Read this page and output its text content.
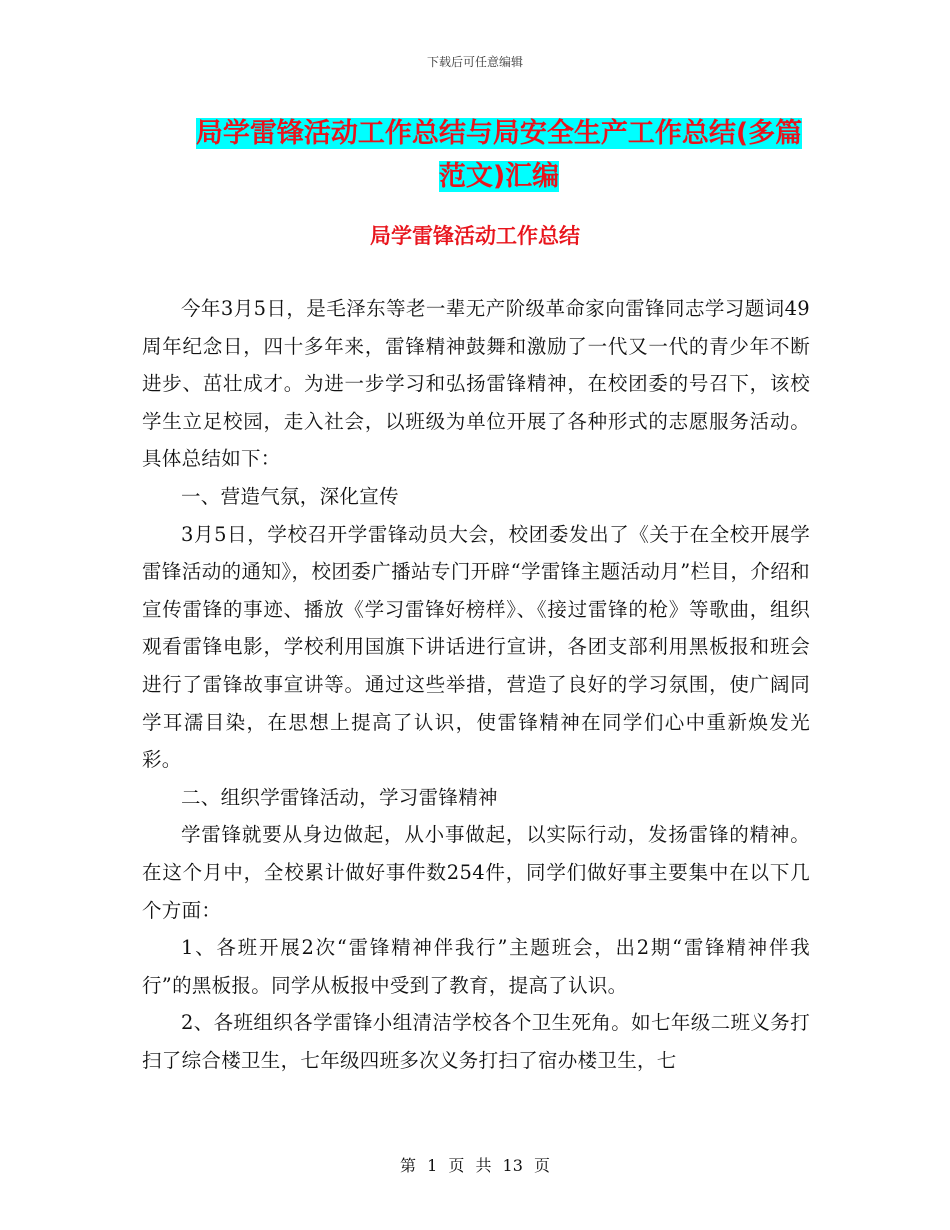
下载后可任意编辑
局学雷锋活动工作总结与局安全生产工作总结(多篇范文)汇编
局学雷锋活动工作总结

今年3月5日，是毛泽东等老一辈无产阶级革命家向雷锋同志学习题词49周年纪念日，四十多年来，雷锋精神鼓舞和激励了一代又一代的青少年不断进步、茁壮成才。为进一步学习和弘扬雷锋精神，在校团委的号召下，该校学生立足校园，走入社会，以班级为单位开展了各种形式的志愿服务活动。具体总结如下：

一、营造气氛，深化宣传

3月5日，学校召开学雷锋动员大会，校团委发出了《关于在全校开展学雷锋活动的通知》，校团委广播站专门开辟“学雷锋主题活动月”栏目，介绍和宣传雷锋的事迹、播放《学习雷锋好榜样》、《接过雷锋的枪》等歌曲，组织观看雷锋电影，学校利用国旗下讲话进行宣讲，各团支部利用黑板报和班会进行了雷锋故事宣讲等。通过这些举措，营造了良好的学习氛围，使广阔同学耳濡目染，在思想上提高了认识，使雷锋精神在同学们心中重新焕发光彩。

二、组织学雷锋活动，学习雷锋精神

学雷锋就要从身边做起，从小事做起，以实际行动，发扬雷锋的精神。在这个月中，全校累计做好事件数254件，同学们做好事主要集中在以下几个方面：

1、各班开展2次“雷锋精神伴我行”主题班会，出2期“雷锋精神伴我行”的黑板报。同学从板报中受到了教育，提高了认识。

2、各班组织各学雷锋小组清洁学校各个卫生死角。如七年级二班义务打扫了综合楼卫生，七年级四班多次义务打扫了宿办楼卫生，七

第 1 页 共 13 页
